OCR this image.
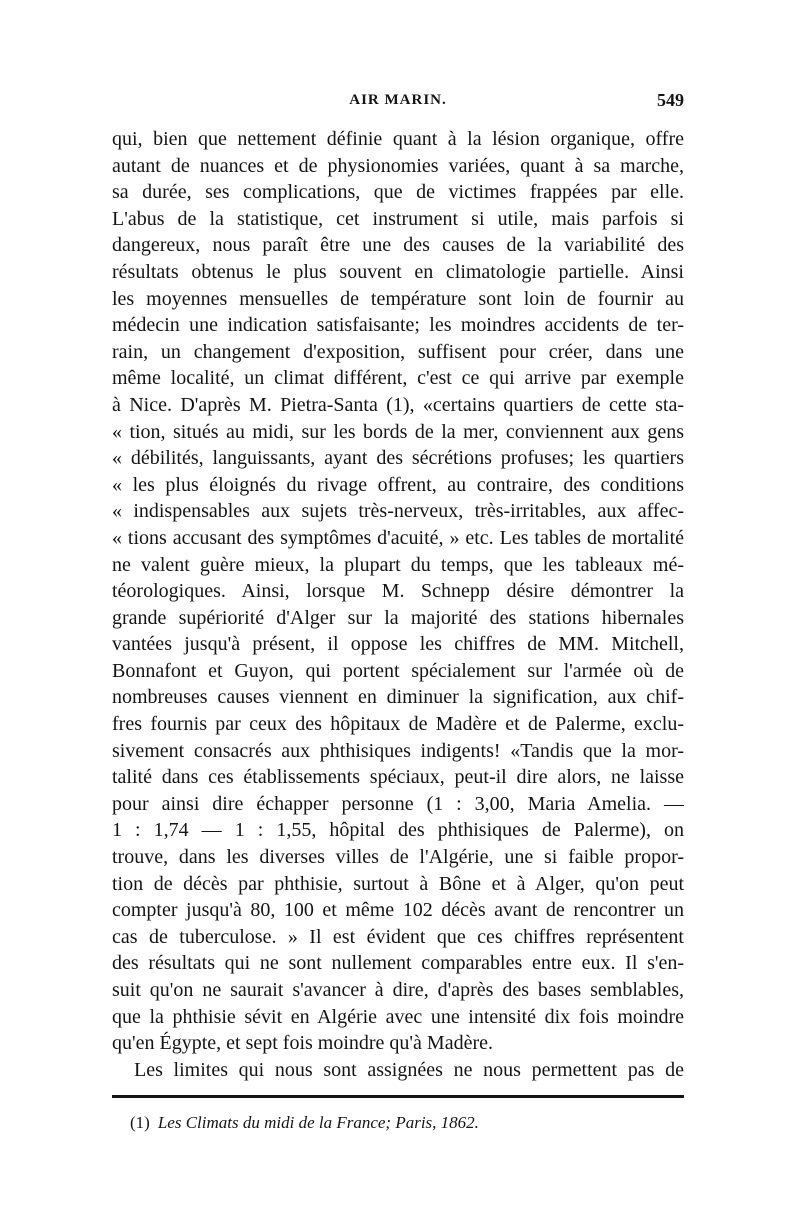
AIR MARIN.	549
qui, bien que nettement définie quant à la lésion organique, offre
autant de nuances et de physionomies variées, quant à sa marche,
sa durée, ses complications, que de victimes frappées par elle.
L'abus de la statistique, cet instrument si utile, mais parfois si
dangereux, nous paraît être une des causes de la variabilité des
résultats obtenus le plus souvent en climatologie partielle. Ainsi
les moyennes mensuelles de température sont loin de fournir au
médecin une indication satisfaisante; les moindres accidents de ter-
rain, un changement d'exposition, suffisent pour créer, dans une
même localité, un climat différent, c'est ce qui arrive par exemple
à Nice. D'après M. Pietra-Santa (1), «certains quartiers de cette sta-
« tion, situés au midi, sur les bords de la mer, conviennent aux gens
« débilités, languissants, ayant des sécrétions profuses; les quartiers
« les plus éloignés du rivage offrent, au contraire, des conditions
« indispensables aux sujets très-nerveux, très-irritables, aux affec-
« tions accusant des symptômes d'acuité, » etc. Les tables de mortalité
ne valent guère mieux, la plupart du temps, que les tableaux mé-
téorologiques. Ainsi, lorsque M. Schnepp désire démontrer la
grande supériorité d'Alger sur la majorité des stations hibernales
vantées jusqu'à présent, il oppose les chiffres de MM. Mitchell,
Bonnafont et Guyon, qui portent spécialement sur l'armée où de
nombreuses causes viennent en diminuer la signification, aux chif-
fres fournis par ceux des hôpitaux de Madère et de Palerme, exclu-
sivement consacrés aux phthisiques indigents! «Tandis que la mor-
talité dans ces établissements spéciaux, peut-il dire alors, ne laisse
pour ainsi dire échapper personne (1 : 3,00, Maria Amelia. —
1 : 1,74 — 1 : 1,55, hôpital des phthisiques de Palerme), on
trouve, dans les diverses villes de l'Algérie, une si faible propor-
tion de décès par phthisie, surtout à Bône et à Alger, qu'on peut
compter jusqu'à 80, 100 et même 102 décès avant de rencontrer un
cas de tuberculose. » Il est évident que ces chiffres représentent
des résultats qui ne sont nullement comparables entre eux. Il s'en-
suit qu'on ne saurait s'avancer à dire, d'après des bases semblables,
que la phthisie sévit en Algérie avec une intensité dix fois moindre
qu'en Égypte, et sept fois moindre qu'à Madère.
Les limites qui nous sont assignées ne nous permettent pas de
(1) Les Climats du midi de la France; Paris, 1862.
